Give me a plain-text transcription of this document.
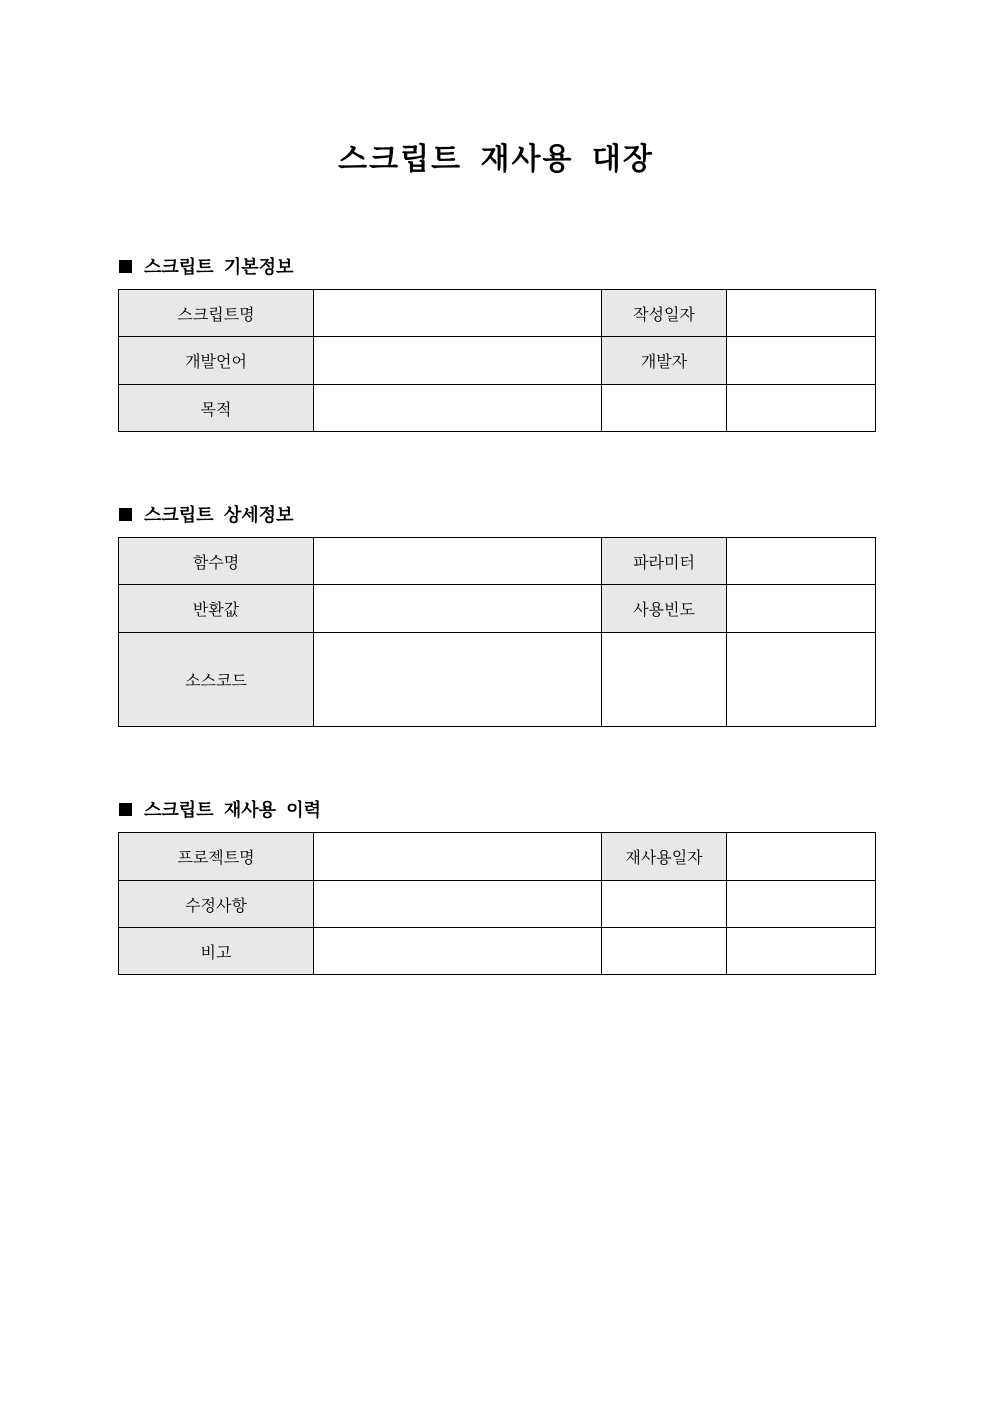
스크립트 재사용 대장
스크립트 기본정보
스크립트명		작성일자	
개발언어		개발자	
목적			
스크립트 상세정보
함수명		파라미터	
반환값		사용빈도	
소스코드			
스크립트 재사용 이력
프로젝트명		재사용일자	
수정사항			
비고			
